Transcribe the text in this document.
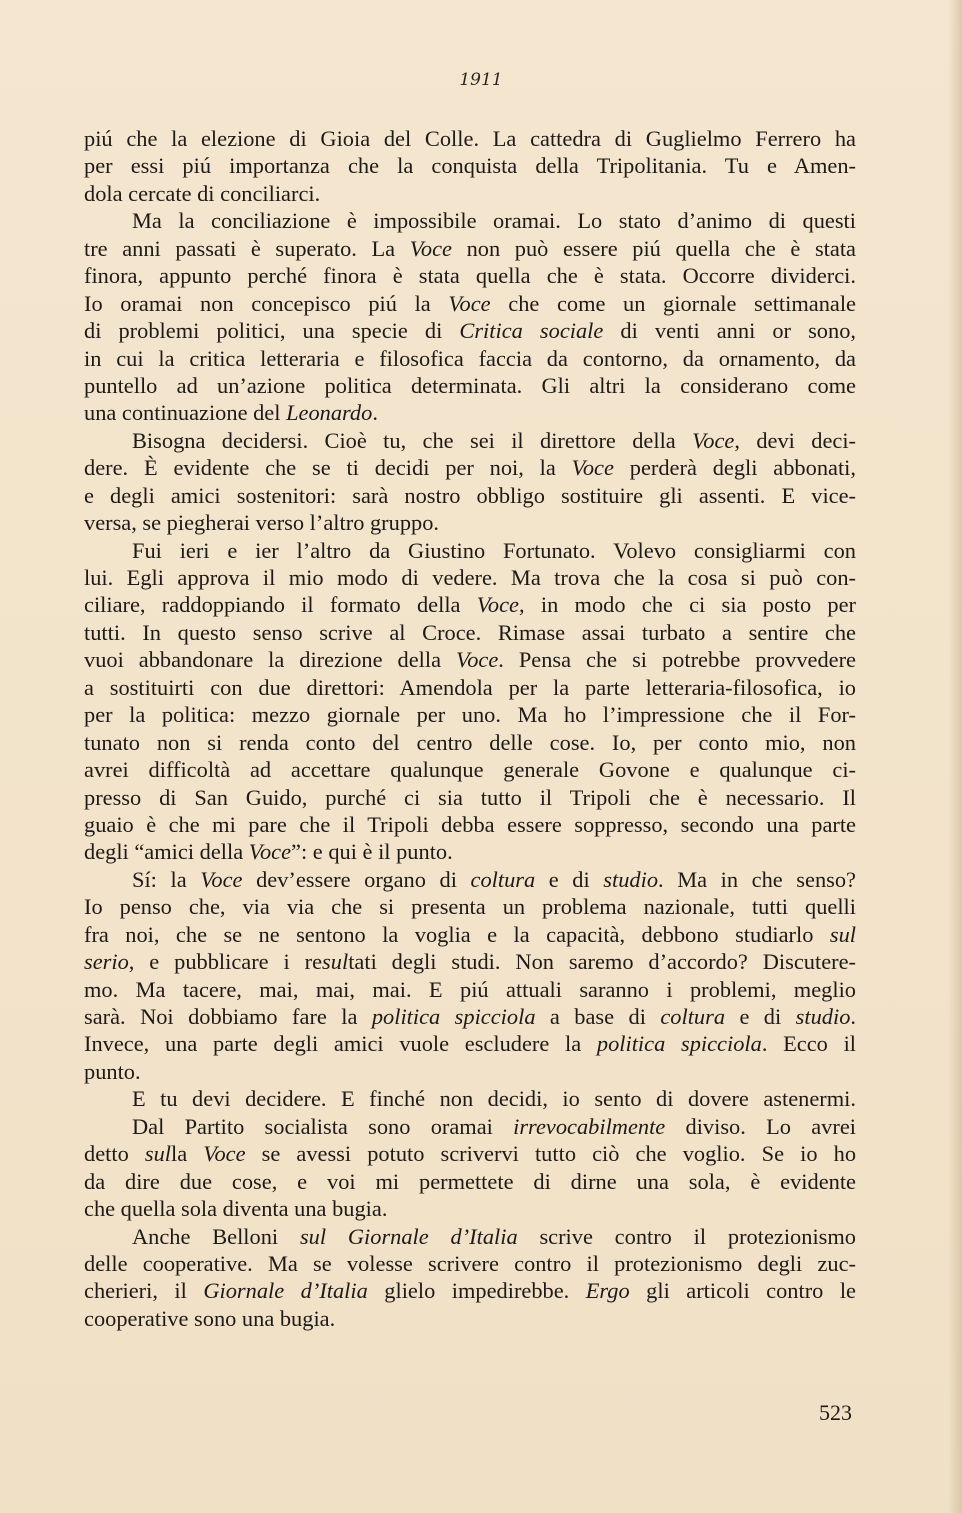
1911
piú che la elezione di Gioia del Colle. La cattedra di Guglielmo Ferrero ha
per essi piú importanza che la conquista della Tripolitania. Tu e Amen-
dola cercate di conciliarci.
Ma la conciliazione è impossibile oramai. Lo stato d’animo di questi
tre anni passati è superato. La Voce non può essere piú quella che è stata
finora, appunto perché finora è stata quella che è stata. Occorre dividerci.
Io oramai non concepisco piú la Voce che come un giornale settimanale
di problemi politici, una specie di Critica sociale di venti anni or sono,
in cui la critica letteraria e filosofica faccia da contorno, da ornamento, da
puntello ad un’azione politica determinata. Gli altri la considerano come
una continuazione del Leonardo.
Bisogna decidersi. Cioè tu, che sei il direttore della Voce, devi deci-
dere. È evidente che se ti decidi per noi, la Voce perderà degli abbonati,
e degli amici sostenitori: sarà nostro obbligo sostituire gli assenti. E vice-
versa, se piegherai verso l’altro gruppo.
Fui ieri e ier l’altro da Giustino Fortunato. Volevo consigliarmi con
lui. Egli approva il mio modo di vedere. Ma trova che la cosa si può con-
ciliare, raddoppiando il formato della Voce, in modo che ci sia posto per
tutti. In questo senso scrive al Croce. Rimase assai turbato a sentire che
vuoi abbandonare la direzione della Voce. Pensa che si potrebbe provvedere
a sostituirti con due direttori: Amendola per la parte letteraria-filosofica, io
per la politica: mezzo giornale per uno. Ma ho l’impressione che il For-
tunato non si renda conto del centro delle cose. Io, per conto mio, non
avrei difficoltà ad accettare qualunque generale Govone e qualunque ci-
presso di San Guido, purché ci sia tutto il Tripoli che è necessario. Il
guaio è che mi pare che il Tripoli debba essere soppresso, secondo una parte
degli “amici della Voce”: e qui è il punto.
Sí: la Voce dev’essere organo di coltura e di studio. Ma in che senso?
Io penso che, via via che si presenta un problema nazionale, tutti quelli
fra noi, che se ne sentono la voglia e la capacità, debbono studiarlo sul
serio, e pubblicare i resultati degli studi. Non saremo d’accordo? Discutere-
mo. Ma tacere, mai, mai, mai. E piú attuali saranno i problemi, meglio
sarà. Noi dobbiamo fare la politica spicciola a base di coltura e di studio.
Invece, una parte degli amici vuole escludere la politica spicciola. Ecco il
punto.
E tu devi decidere. E finché non decidi, io sento di dovere astenermi.
Dal Partito socialista sono oramai irrevocabilmente diviso. Lo avrei
detto sulla Voce se avessi potuto scrivervi tutto ciò che voglio. Se io ho
da dire due cose, e voi mi permettete di dirne una sola, è evidente
che quella sola diventa una bugia.
Anche Belloni sul Giornale d’Italia scrive contro il protezionismo
delle cooperative. Ma se volesse scrivere contro il protezionismo degli zuc-
cherieri, il Giornale d’Italia glielo impedirebbe. Ergo gli articoli contro le
cooperative sono una bugia.
523
